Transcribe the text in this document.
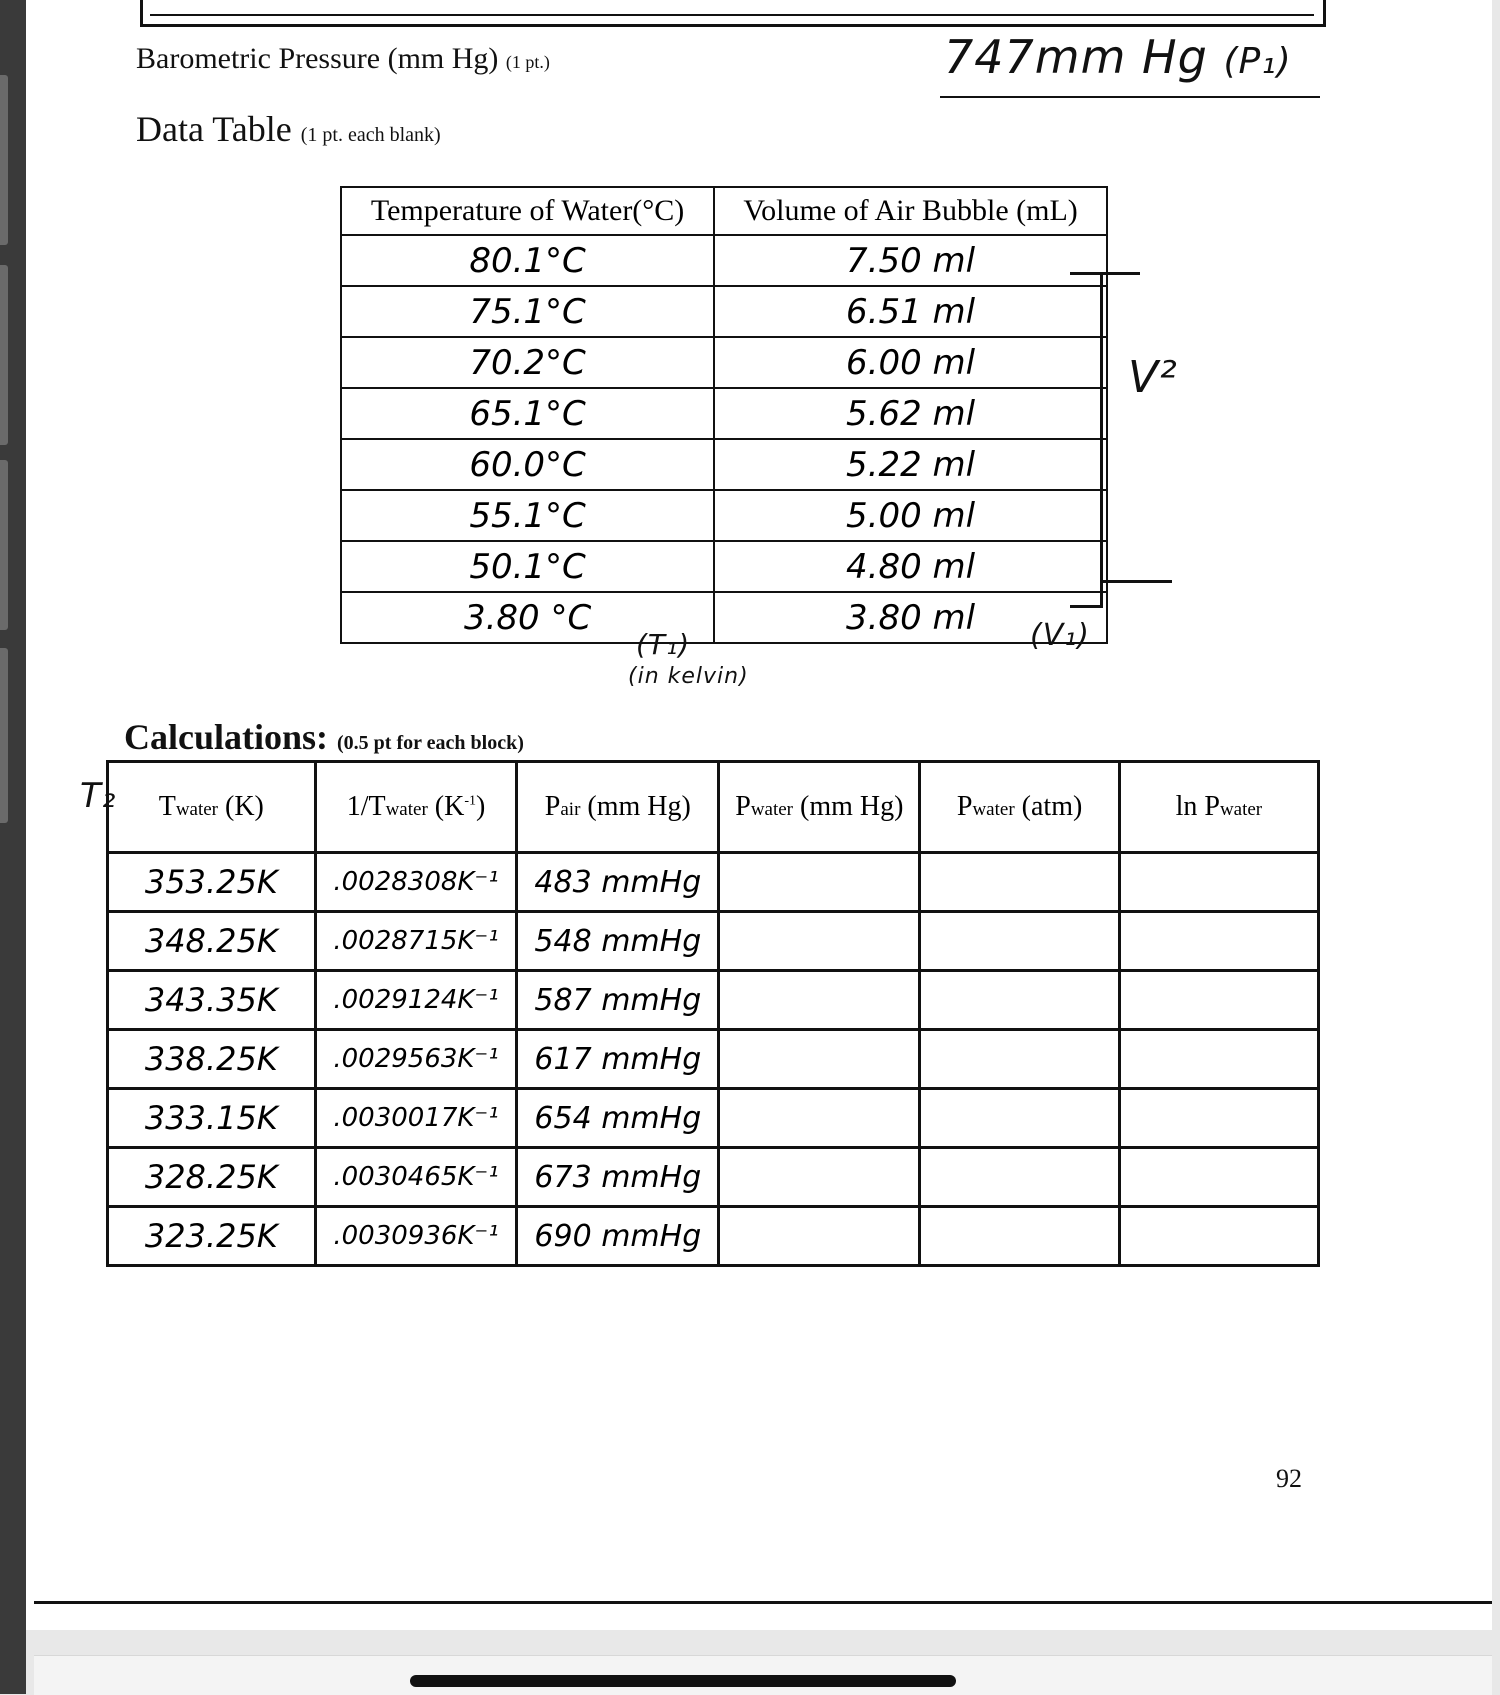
Barometric Pressure (mm Hg) (1 pt.)	747mm Hg (P₁)
Data Table (1 pt. each blank)
Temperature of Water(°C)	Volume of Air Bubble (mL)
80.1°C	7.50 ml
75.1°C	6.51 ml
70.2°C	6.00 ml
65.1°C	5.62 ml
60.0°C	5.22 ml
55.1°C	5.00 ml
50.1°C	4.80 ml
3.80 °C	3.80 ml
(T₁)
(in kelvin)
(V₁)
V²
Calculations: (0.5 pt for each block)
T₂ Twater (K)	1/Twater $(K^{-1})$	Pair (mm Hg)	Pwater (mm Hg)	Pwater (atm)	ln Pwater
353.25K	.0028308K⁻¹	483 mmHg			
348.25K	.0028715K⁻¹	548 mmHg			
343.35K	.0029124K⁻¹	587 mmHg			
338.25K	.0029563K⁻¹	617 mmHg			
333.15K	.0030017K⁻¹	654 mmHg			
328.25K	.0030465K⁻¹	673 mmHg			
323.25K	.0030936K⁻¹	690 mmHg			
92
